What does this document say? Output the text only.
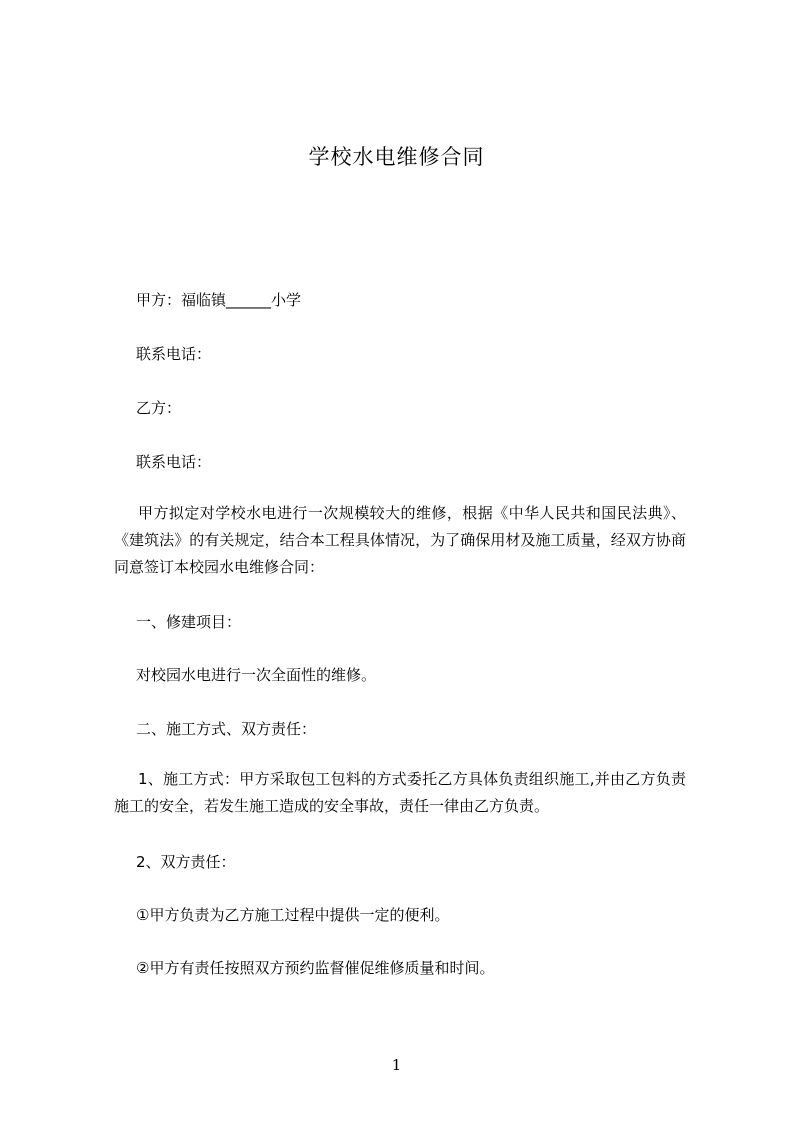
学校水电维修合同
甲方：福临镇______小学
联系电话：
乙方：
联系电话：
甲方拟定对学校水电进行一次规模较大的维修，根据《中华人民共和国民法典》、《建筑法》的有关规定，结合本工程具体情况，为了确保用材及施工质量，经双方协商同意签订本校园水电维修合同：
一、修建项目：
对校园水电进行一次全面性的维修。
二、施工方式、双方责任：
1、施工方式：甲方采取包工包料的方式委托乙方具体负责组织施工,并由乙方负责施工的安全，若发生施工造成的安全事故，责任一律由乙方负责。
2、双方责任：
①甲方负责为乙方施工过程中提供一定的便利。
②甲方有责任按照双方预约监督催促维修质量和时间。
1
